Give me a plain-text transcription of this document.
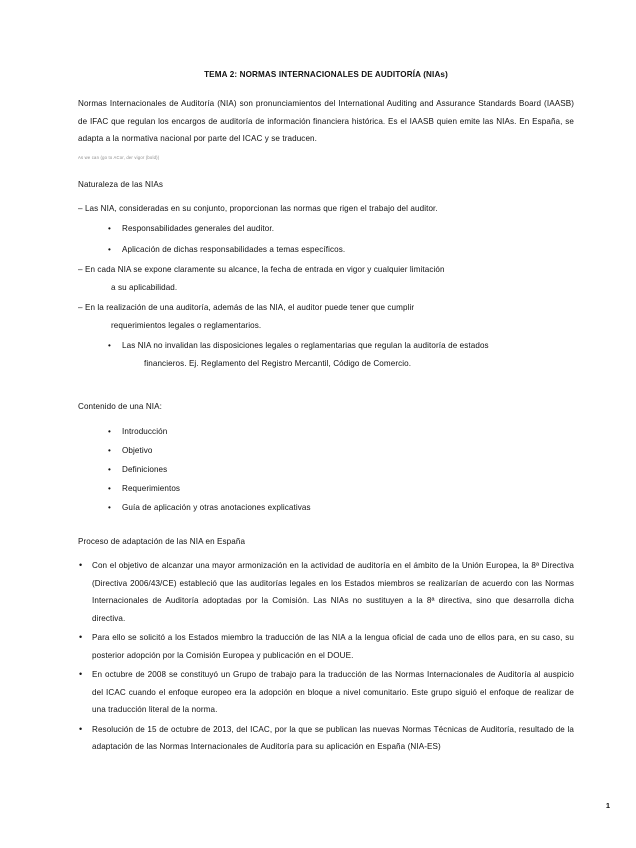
TEMA 2: NORMAS INTERNACIONALES DE AUDITORÍA (NIAs)

Normas Internacionales de Auditoría (NIA) son pronunciamientos del International Auditing and Assurance Standards Board (IAASB) de IFAC que regulan los encargos de auditoría de información financiera histórica. Es el IAASB quien emite las NIAs. En España, se adapta a la normativa nacional por parte del ICAC y se traducen.

As we can (go to ACor, der vigor (bold))
Naturaleza de las NIAs
– Las NIA, consideradas en su conjunto, proporcionan las normas que rigen el trabajo del auditor.
• Responsabilidades generales del auditor.
• Aplicación de dichas responsabilidades a temas específicos.
– En cada NIA se expone claramente su alcance, la fecha de entrada en vigor y cualquier limitación
a su aplicabilidad.
– En la realización de una auditoría, además de las NIA, el auditor puede tener que cumplir
requerimientos legales o reglamentarios.
• Las NIA no invalidan las disposiciones legales o reglamentarias que regulan la auditoría de estados
financieros. Ej. Reglamento del Registro Mercantil, Código de Comercio.
Contenido de una NIA:
• Introducción
• Objetivo
• Definiciones
• Requerimientos
• Guía de aplicación y otras anotaciones explicativas
Proceso de adaptación de las NIA en España
• Con el objetivo de alcanzar una mayor armonización en la actividad de auditoría en el ámbito de la Unión Europea, la 8ª Directiva (Directiva 2006/43/CE) estableció que las auditorías legales en los Estados miembros se realizarían de acuerdo con las Normas Internacionales de Auditoría adoptadas por la Comisión. Las NIAs no sustituyen a la 8ª directiva, sino que desarrolla dicha directiva.
• Para ello se solicitó a los Estados miembro la traducción de las NIA a la lengua oficial de cada uno de ellos para, en su caso, su posterior adopción por la Comisión Europea y publicación en el DOUE.
• En octubre de 2008 se constituyó un Grupo de trabajo para la traducción de las Normas Internacionales de Auditoría al auspicio del ICAC cuando el enfoque europeo era la adopción en bloque a nivel comunitario. Este grupo siguió el enfoque de realizar de una traducción literal de la norma.
• Resolución de 15 de octubre de 2013, del ICAC, por la que se publican las nuevas Normas Técnicas de Auditoría, resultado de la adaptación de las Normas Internacionales de Auditoría para su aplicación en España (NIA-ES)
1
